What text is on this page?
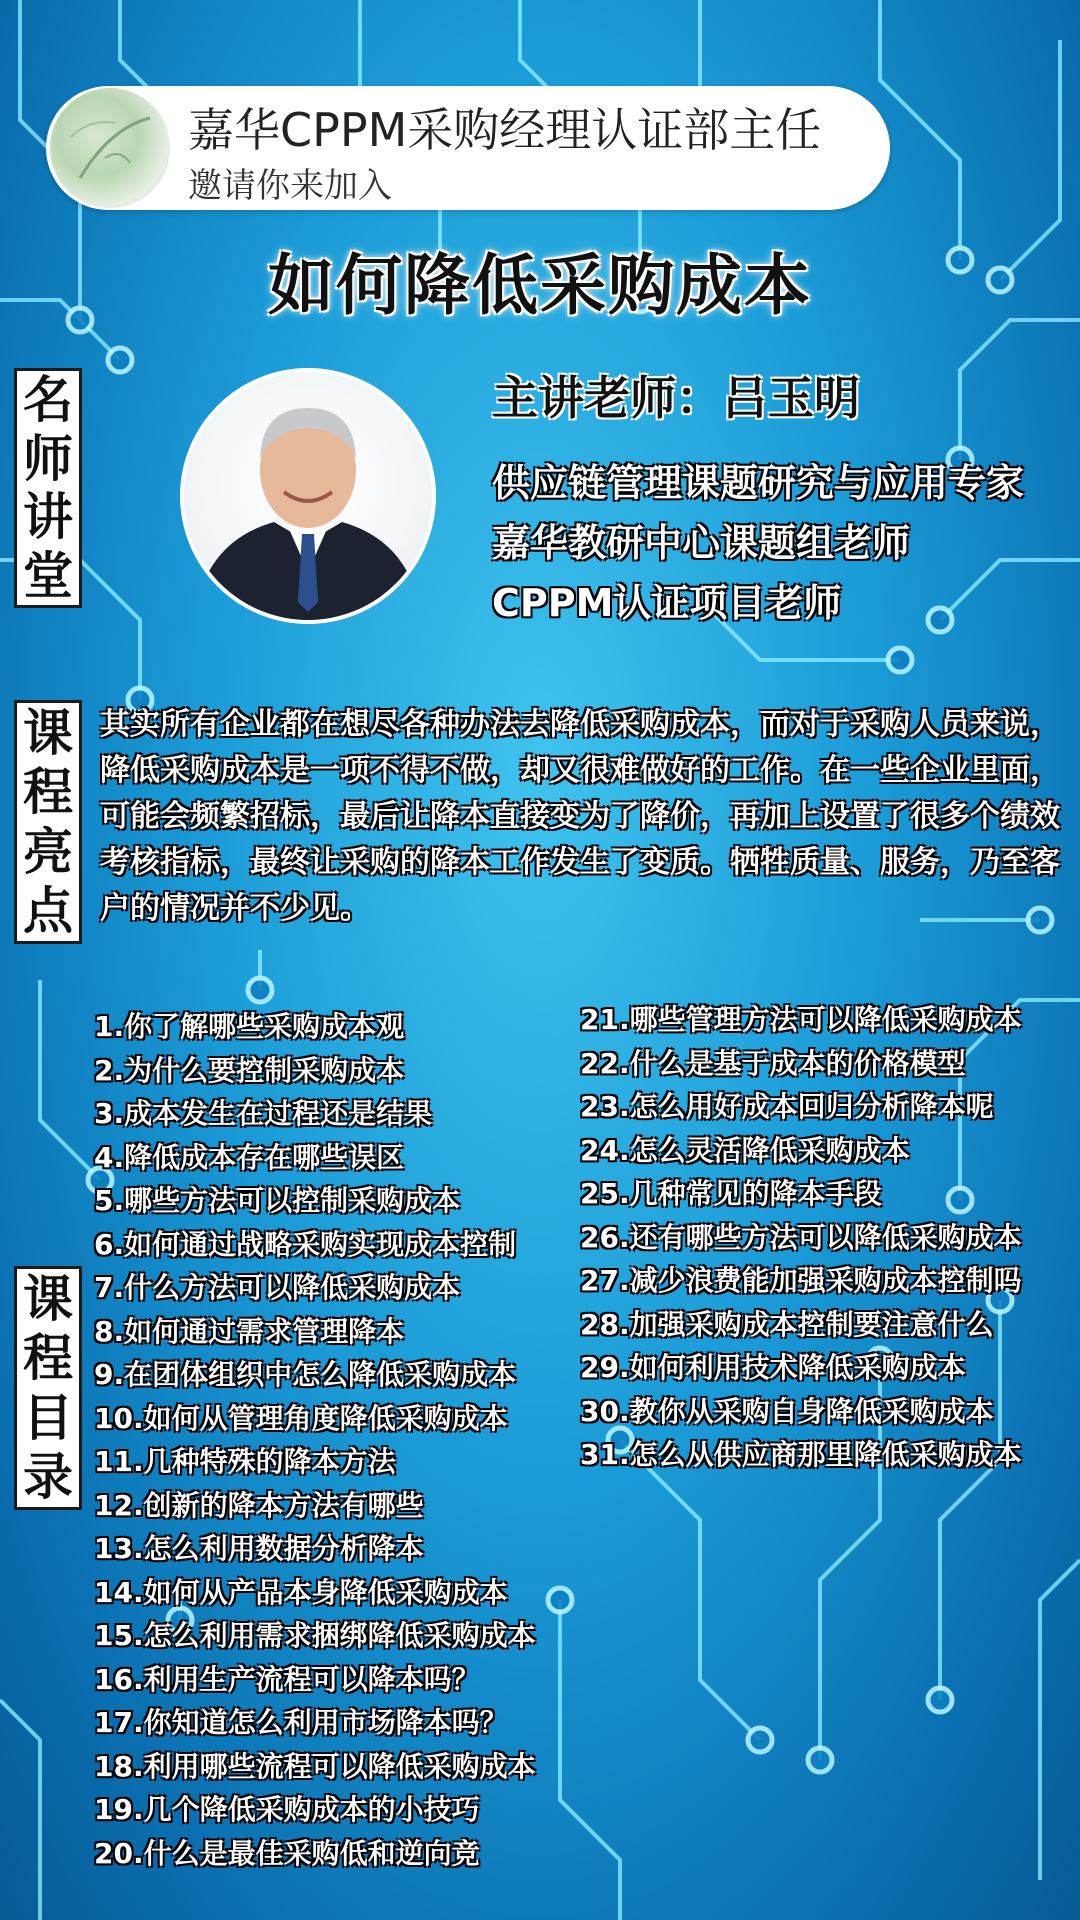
嘉华CPPM采购经理认证部主任
邀请你来加入
如何降低采购成本
名
师
讲
堂
主讲老师：吕玉明
供应链管理课题研究与应用专家
嘉华教研中心课题组老师
CPPM认证项目老师
课
程
亮
点
其实所有企业都在想尽各种办法去降低采购成本，而对于采购人员来说，降低采购成本是一项不得不做，却又很难做好的工作。在一些企业里面，可能会频繁招标，最后让降本直接变为了降价，再加上设置了很多个绩效考核指标，最终让采购的降本工作发生了变质。牺牲质量、服务，乃至客户的情况并不少见。
课
程
目
录
1.你了解哪些采购成本观
2.为什么要控制采购成本
3.成本发生在过程还是结果
4.降低成本存在哪些误区
5.哪些方法可以控制采购成本
6.如何通过战略采购实现成本控制
7.什么方法可以降低采购成本
8.如何通过需求管理降本
9.在团体组织中怎么降低采购成本
10.如何从管理角度降低采购成本
11.几种特殊的降本方法
12.创新的降本方法有哪些
13.怎么利用数据分析降本
14.如何从产品本身降低采购成本
15.怎么利用需求捆绑降低采购成本
16.利用生产流程可以降本吗？
17.你知道怎么利用市场降本吗？
18.利用哪些流程可以降低采购成本
19.几个降低采购成本的小技巧
20.什么是最佳采购低和逆向竞
21.哪些管理方法可以降低采购成本
22.什么是基于成本的价格模型
23.怎么用好成本回归分析降本呢
24.怎么灵活降低采购成本
25.几种常见的降本手段
26.还有哪些方法可以降低采购成本
27.减少浪费能加强采购成本控制吗
28.加强采购成本控制要注意什么
29.如何利用技术降低采购成本
30.教你从采购自身降低采购成本
31.怎么从供应商那里降低采购成本
